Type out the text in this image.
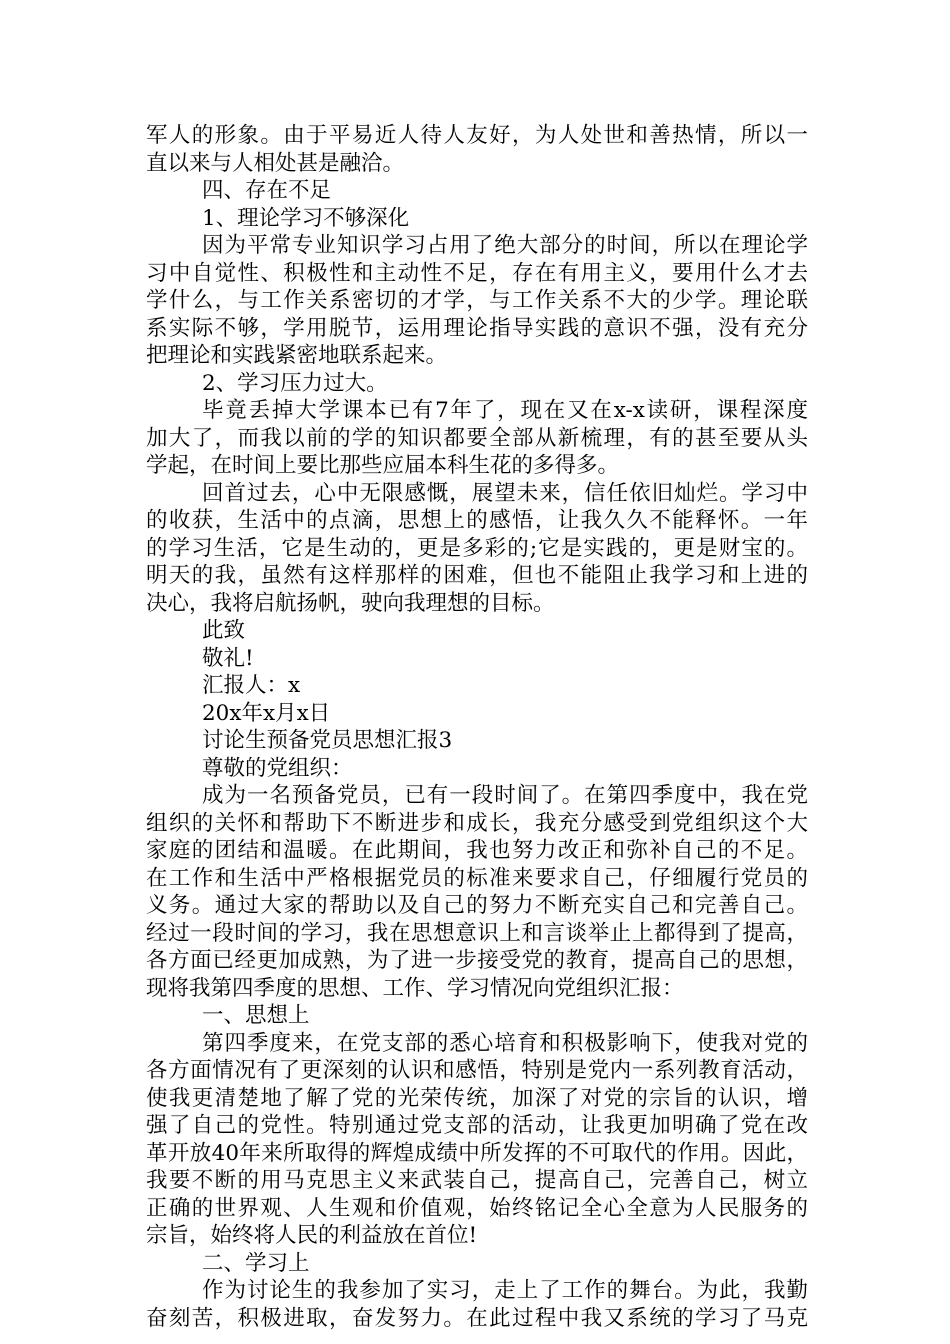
军人的形象。由于平易近人待人友好，为人处世和善热情，所以一
直以来与人相处甚是融洽。
四、存在不足
1、理论学习不够深化
因为平常专业知识学习占用了绝大部分的时间，所以在理论学
习中自觉性、积极性和主动性不足，存在有用主义，要用什么才去
学什么，与工作关系密切的才学，与工作关系不大的少学。理论联
系实际不够，学用脱节，运用理论指导实践的意识不强，没有充分
把理论和实践紧密地联系起来。
2、学习压力过大。
毕竟丢掉大学课本已有7年了，现在又在x-x读研，课程深度
加大了，而我以前的学的知识都要全部从新梳理，有的甚至要从头
学起，在时间上要比那些应届本科生花的多得多。
回首过去，心中无限感慨，展望未来，信任依旧灿烂。学习中
的收获，生活中的点滴，思想上的感悟，让我久久不能释怀。一年
的学习生活，它是生动的，更是多彩的;它是实践的，更是财宝的。
明天的我，虽然有这样那样的困难，但也不能阻止我学习和上进的
决心，我将启航扬帆，驶向我理想的目标。
此致
敬礼!
汇报人：x
20x年x月x日
讨论生预备党员思想汇报3
尊敬的党组织：
成为一名预备党员，已有一段时间了。在第四季度中，我在党
组织的关怀和帮助下不断进步和成长，我充分感受到党组织这个大
家庭的团结和温暖。在此期间，我也努力改正和弥补自己的不足。
在工作和生活中严格根据党员的标准来要求自己，仔细履行党员的
义务。通过大家的帮助以及自己的努力不断充实自己和完善自己。
经过一段时间的学习，我在思想意识上和言谈举止上都得到了提高，
各方面已经更加成熟，为了进一步接受党的教育，提高自己的思想，
现将我第四季度的思想、工作、学习情况向党组织汇报：
一、思想上
第四季度来，在党支部的悉心培育和积极影响下，使我对党的
各方面情况有了更深刻的认识和感悟，特别是党内一系列教育活动，
使我更清楚地了解了党的光荣传统，加深了对党的宗旨的认识，增
强了自己的党性。特别通过党支部的活动，让我更加明确了党在改
革开放40年来所取得的辉煌成绩中所发挥的不可取代的作用。因此，
我要不断的用马克思主义来武装自己，提高自己，完善自己，树立
正确的世界观、人生观和价值观，始终铭记全心全意为人民服务的
宗旨，始终将人民的利益放在首位!
二、学习上
作为讨论生的我参加了实习，走上了工作的舞台。为此，我勤
奋刻苦，积极进取，奋发努力。在此过程中我又系统的学习了马克
